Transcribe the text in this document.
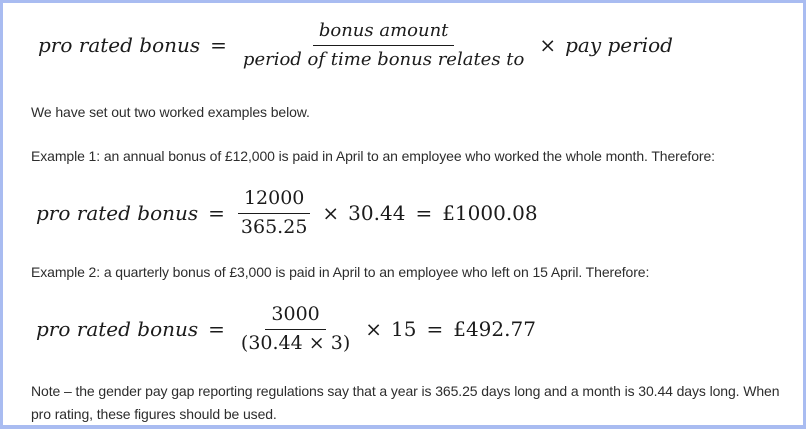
pro rated bonus = $\frac{\text{bonus amount}}{\text{period of time bonus relates to}}$ × pay period

We have set out two worked examples below.

Example 1: an annual bonus of £12,000 is paid in April to an employee who worked the whole month. Therefore:

pro rated bonus = $\frac{12000}{365.25} \times 30.44$ = £1000.08

Example 2: a quarterly bonus of £3,000 is paid in April to an employee who left on 15 April. Therefore:

pro rated bonus = $\frac{3000}{(30.44 \times 3)} \times 15$ = £492.77

Note – the gender pay gap reporting regulations say that a year is 365.25 days long and a month is 30.44 days long. When pro rating, these figures should be used.
